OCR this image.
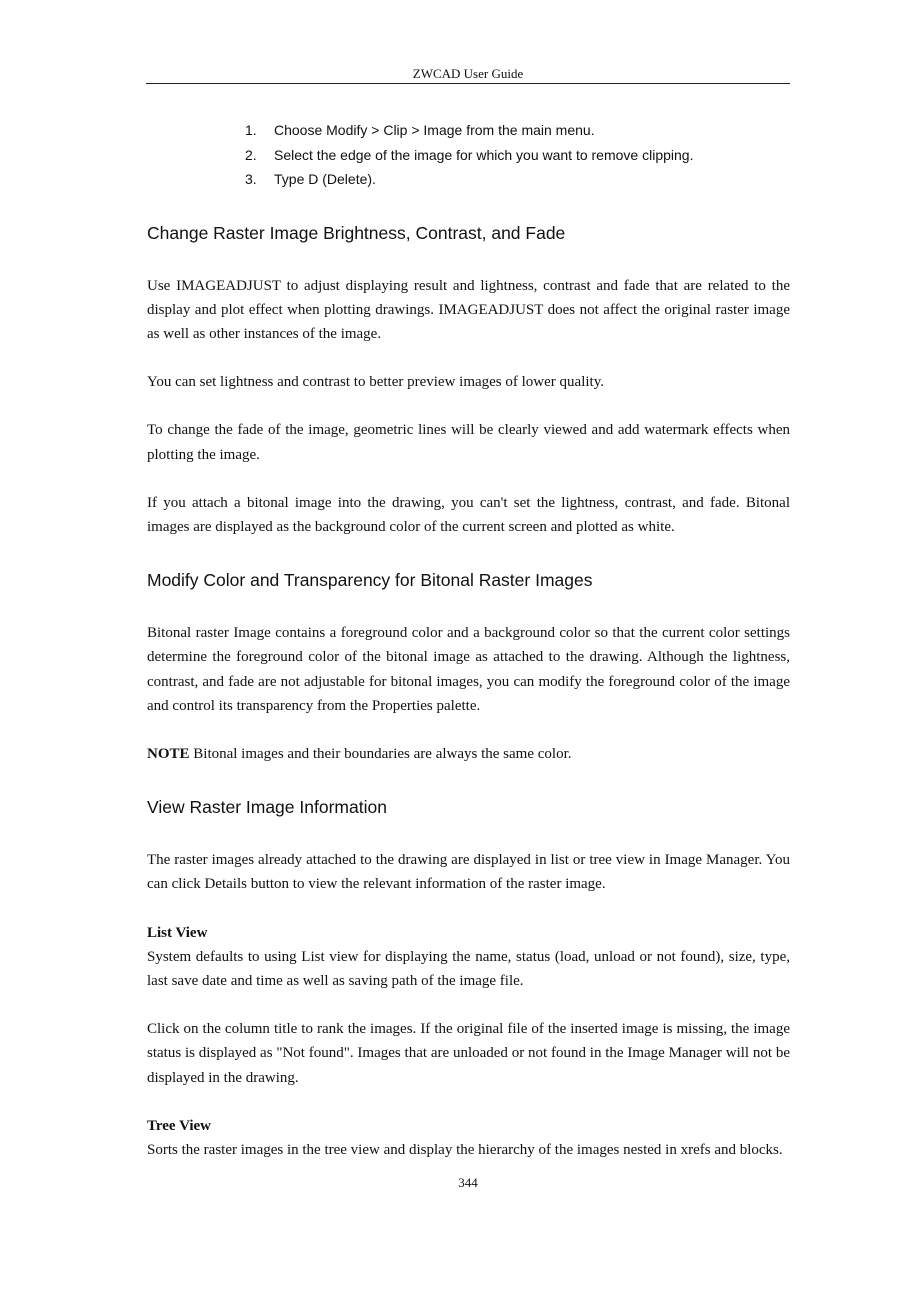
ZWCAD User Guide
1.	Choose Modify > Clip > Image from the main menu.
2.	Select the edge of the image for which you want to remove clipping.
3.	Type D (Delete).
Change Raster Image Brightness, Contrast, and Fade

Use IMAGEADJUST to adjust displaying result and lightness, contrast and fade that are related to the display and plot effect when plotting drawings. IMAGEADJUST does not affect the original raster image as well as other instances of the image.

You can set lightness and contrast to better preview images of lower quality.

To change the fade of the image, geometric lines will be clearly viewed and add watermark effects when plotting the image.

If you attach a bitonal image into the drawing, you can't set the lightness, contrast, and fade. Bitonal images are displayed as the background color of the current screen and plotted as white.

Modify Color and Transparency for Bitonal Raster Images

Bitonal raster Image contains a foreground color and a background color so that the current color settings determine the foreground color of the bitonal image as attached to the drawing. Although the lightness, contrast, and fade are not adjustable for bitonal images, you can modify the foreground color of the image and control its transparency from the Properties palette.

NOTE Bitonal images and their boundaries are always the same color.

View Raster Image Information

The raster images already attached to the drawing are displayed in list or tree view in Image Manager. You can click Details button to view the relevant information of the raster image.

List View

System defaults to using List view for displaying the name, status (load, unload or not found), size, type, last save date and time as well as saving path of the image file.

Click on the column title to rank the images. If the original file of the inserted image is missing, the image status is displayed as "Not found". Images that are unloaded or not found in the Image Manager will not be displayed in the drawing.

Tree View

Sorts the raster images in the tree view and display the hierarchy of the images nested in xrefs and blocks.

344
